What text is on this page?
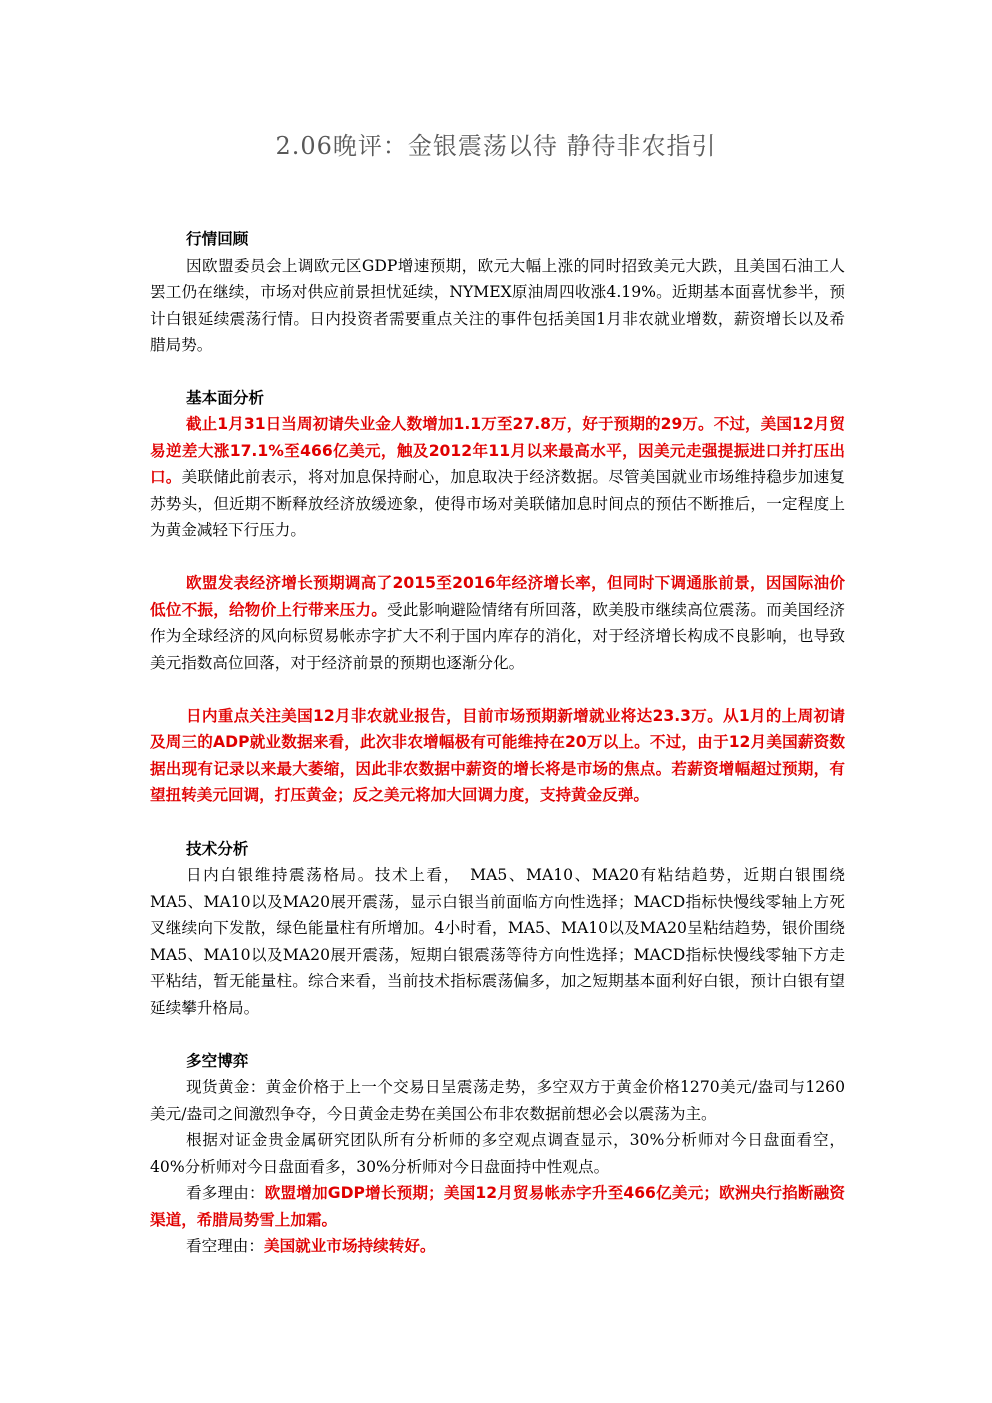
2.06晚评：金银震荡以待 静待非农指引

行情回顾

因欧盟委员会上调欧元区GDP增速预期，欧元大幅上涨的同时招致美元大跌，且美国石油工人罢工仍在继续，市场对供应前景担忧延续，NYMEX原油周四收涨4.19%。近期基本面喜忧参半，预计白银延续震荡行情。日内投资者需要重点关注的事件包括美国1月非农就业增数，薪资增长以及希腊局势。

基本面分析

截止1月31日当周初请失业金人数增加1.1万至27.8万，好于预期的29万。不过，美国12月贸易逆差大涨17.1%至466亿美元，触及2012年11月以来最高水平，因美元走强提振进口并打压出口。美联储此前表示，将对加息保持耐心，加息取决于经济数据。尽管美国就业市场维持稳步加速复苏势头，但近期不断释放经济放缓迹象，使得市场对美联储加息时间点的预估不断推后，一定程度上为黄金减轻下行压力。

欧盟发表经济增长预期调高了2015至2016年经济增长率，但同时下调通胀前景，因国际油价低位不振，给物价上行带来压力。受此影响避险情绪有所回落，欧美股市继续高位震荡。而美国经济作为全球经济的风向标贸易帐赤字扩大不利于国内库存的消化，对于经济增长构成不良影响，也导致美元指数高位回落，对于经济前景的预期也逐渐分化。

日内重点关注美国12月非农就业报告，目前市场预期新增就业将达23.3万。从1月的上周初请及周三的ADP就业数据来看，此次非农增幅极有可能维持在20万以上。不过，由于12月美国薪资数据出现有记录以来最大萎缩，因此非农数据中薪资的增长将是市场的焦点。若薪资增幅超过预期，有望扭转美元回调，打压黄金；反之美元将加大回调力度，支持黄金反弹。

技术分析

日内白银维持震荡格局。技术上看，　MA5、MA10、MA20有粘结趋势，近期白银围绕MA5、MA10以及MA20展开震荡，显示白银当前面临方向性选择；MACD指标快慢线零轴上方死叉继续向下发散，绿色能量柱有所增加。4小时看，MA5、MA10以及MA20呈粘结趋势，银价围绕MA5、MA10以及MA20展开震荡，短期白银震荡等待方向性选择；MACD指标快慢线零轴下方走平粘结，暂无能量柱。综合来看，当前技术指标震荡偏多，加之短期基本面利好白银，预计白银有望延续攀升格局。

多空博弈

现货黄金：黄金价格于上一个交易日呈震荡走势，多空双方于黄金价格1270美元/盎司与1260美元/盎司之间激烈争夺，今日黄金走势在美国公布非农数据前想必会以震荡为主。

根据对证金贵金属研究团队所有分析师的多空观点调查显示，30%分析师对今日盘面看空，40%分析师对今日盘面看多，30%分析师对今日盘面持中性观点。

看多理由：欧盟增加GDP增长预期；美国12月贸易帐赤字升至466亿美元；欧洲央行掐断融资渠道，希腊局势雪上加霜。

看空理由：美国就业市场持续转好。
